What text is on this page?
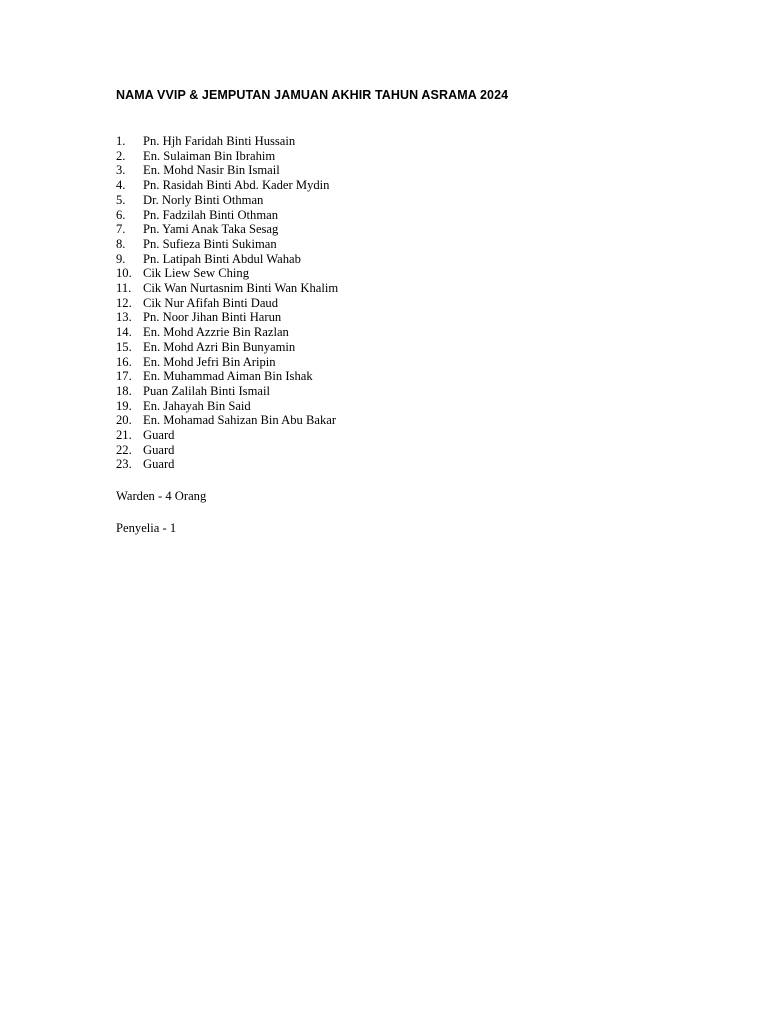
NAMA VVIP & JEMPUTAN JAMUAN AKHIR TAHUN ASRAMA 2024
1.	Pn. Hjh Faridah Binti Hussain
2.	En. Sulaiman Bin Ibrahim
3.	En. Mohd Nasir Bin Ismail
4.	Pn. Rasidah Binti Abd. Kader Mydin
5.	Dr. Norly Binti Othman
6.	Pn. Fadzilah Binti Othman
7.	Pn. Yami Anak Taka Sesag
8.	Pn. Sufieza Binti Sukiman
9.	Pn. Latipah Binti Abdul Wahab
10. Cik Liew Sew Ching
11. Cik Wan Nurtasnim Binti Wan Khalim
12. Cik Nur Afifah Binti Daud
13. Pn. Noor Jihan Binti Harun
14. En. Mohd Azzrie Bin Razlan
15. En. Mohd Azri Bin Bunyamin
16. En. Mohd Jefri Bin Aripin
17. En. Muhammad Aiman Bin Ishak
18. Puan Zalilah Binti Ismail
19. En. Jahayah Bin Said
20. En. Mohamad Sahizan Bin Abu Bakar
21. Guard
22. Guard
23. Guard
Warden - 4 Orang
Penyelia - 1
